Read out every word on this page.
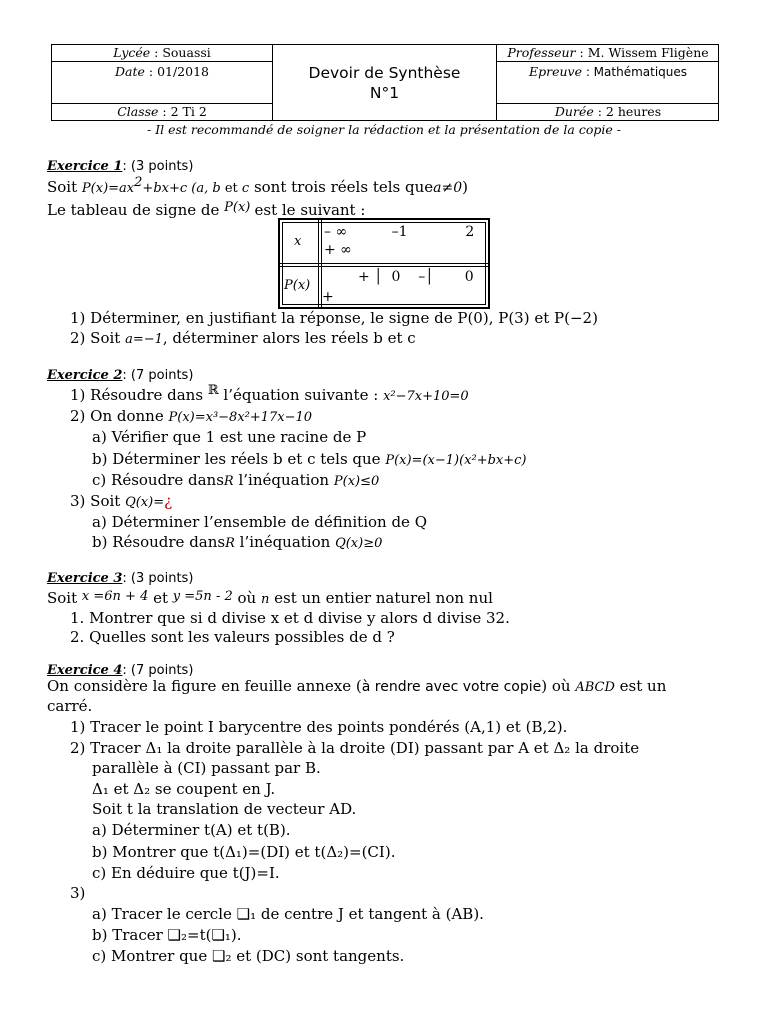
Lycée : Souassi
Date : 01/2018
Classe : 2 Ti 2
Devoir de Synthèse
N°1
Professeur : M. Wissem Fligène
Epreuve : Mathématiques
Durée : 2 heures
- Il est recommandé de soigner la rédaction et la présentation de la copie -
Exercice 1: (3 points)
Soit $P(x)=ax^2+bx+c$ (a, b et c sont trois réels tels quea≠0)
Le tableau de signe de P(x) est le suivant :
x
– ∞          –1             2
+ ∞
P(x)
+ │  0    –│       0
+
1) Déterminer, en justifiant la réponse, le signe de P(0), P(3) et P(−2)
2) Soit a=−1, déterminer alors les réels b et c
Exercice 2: (7 points)
1) Résoudre dans ℝ l’équation suivante : x²−7x+10=0
2) On donne P(x)=x³−8x²+17x−10
a) Vérifier que 1 est une racine de P
b) Déterminer les réels b et c tels que P(x)=(x−1)(x²+bx+c)
c) Résoudre dansR l’inéquation P(x)≤0
3) Soit Q(x)=¿
a) Déterminer l’ensemble de définition de Q
b) Résoudre dansR l’inéquation Q(x)≥0
Exercice 3: (3 points)
Soit x =6n + 4 et y =5n - 2 où n est un entier naturel non nul
1. Montrer que si d divise x et d divise y alors d divise 32.
2. Quelles sont les valeurs possibles de d ?
Exercice 4: (7 points)
On considère la figure en feuille annexe (à rendre avec votre copie) où ABCD est un
carré.
1) Tracer le point I barycentre des points pondérés (A,1) et (B,2).
2) Tracer Δ₁ la droite parallèle à la droite (DI) passant par A et Δ₂ la droite
parallèle à (CI) passant par B.
Δ₁ et Δ₂ se coupent en J.
Soit t la translation de vecteur AD.
a) Déterminer t(A) et t(B).
b) Montrer que t(Δ₁)=(DI) et t(Δ₂)=(CI).
c) En déduire que t(J)=I.
3)
a) Tracer le cercle ❑₁ de centre J et tangent à (AB).
b) Tracer ❑₂=t(❑₁).
c) Montrer que ❑₂ et (DC) sont tangents.
